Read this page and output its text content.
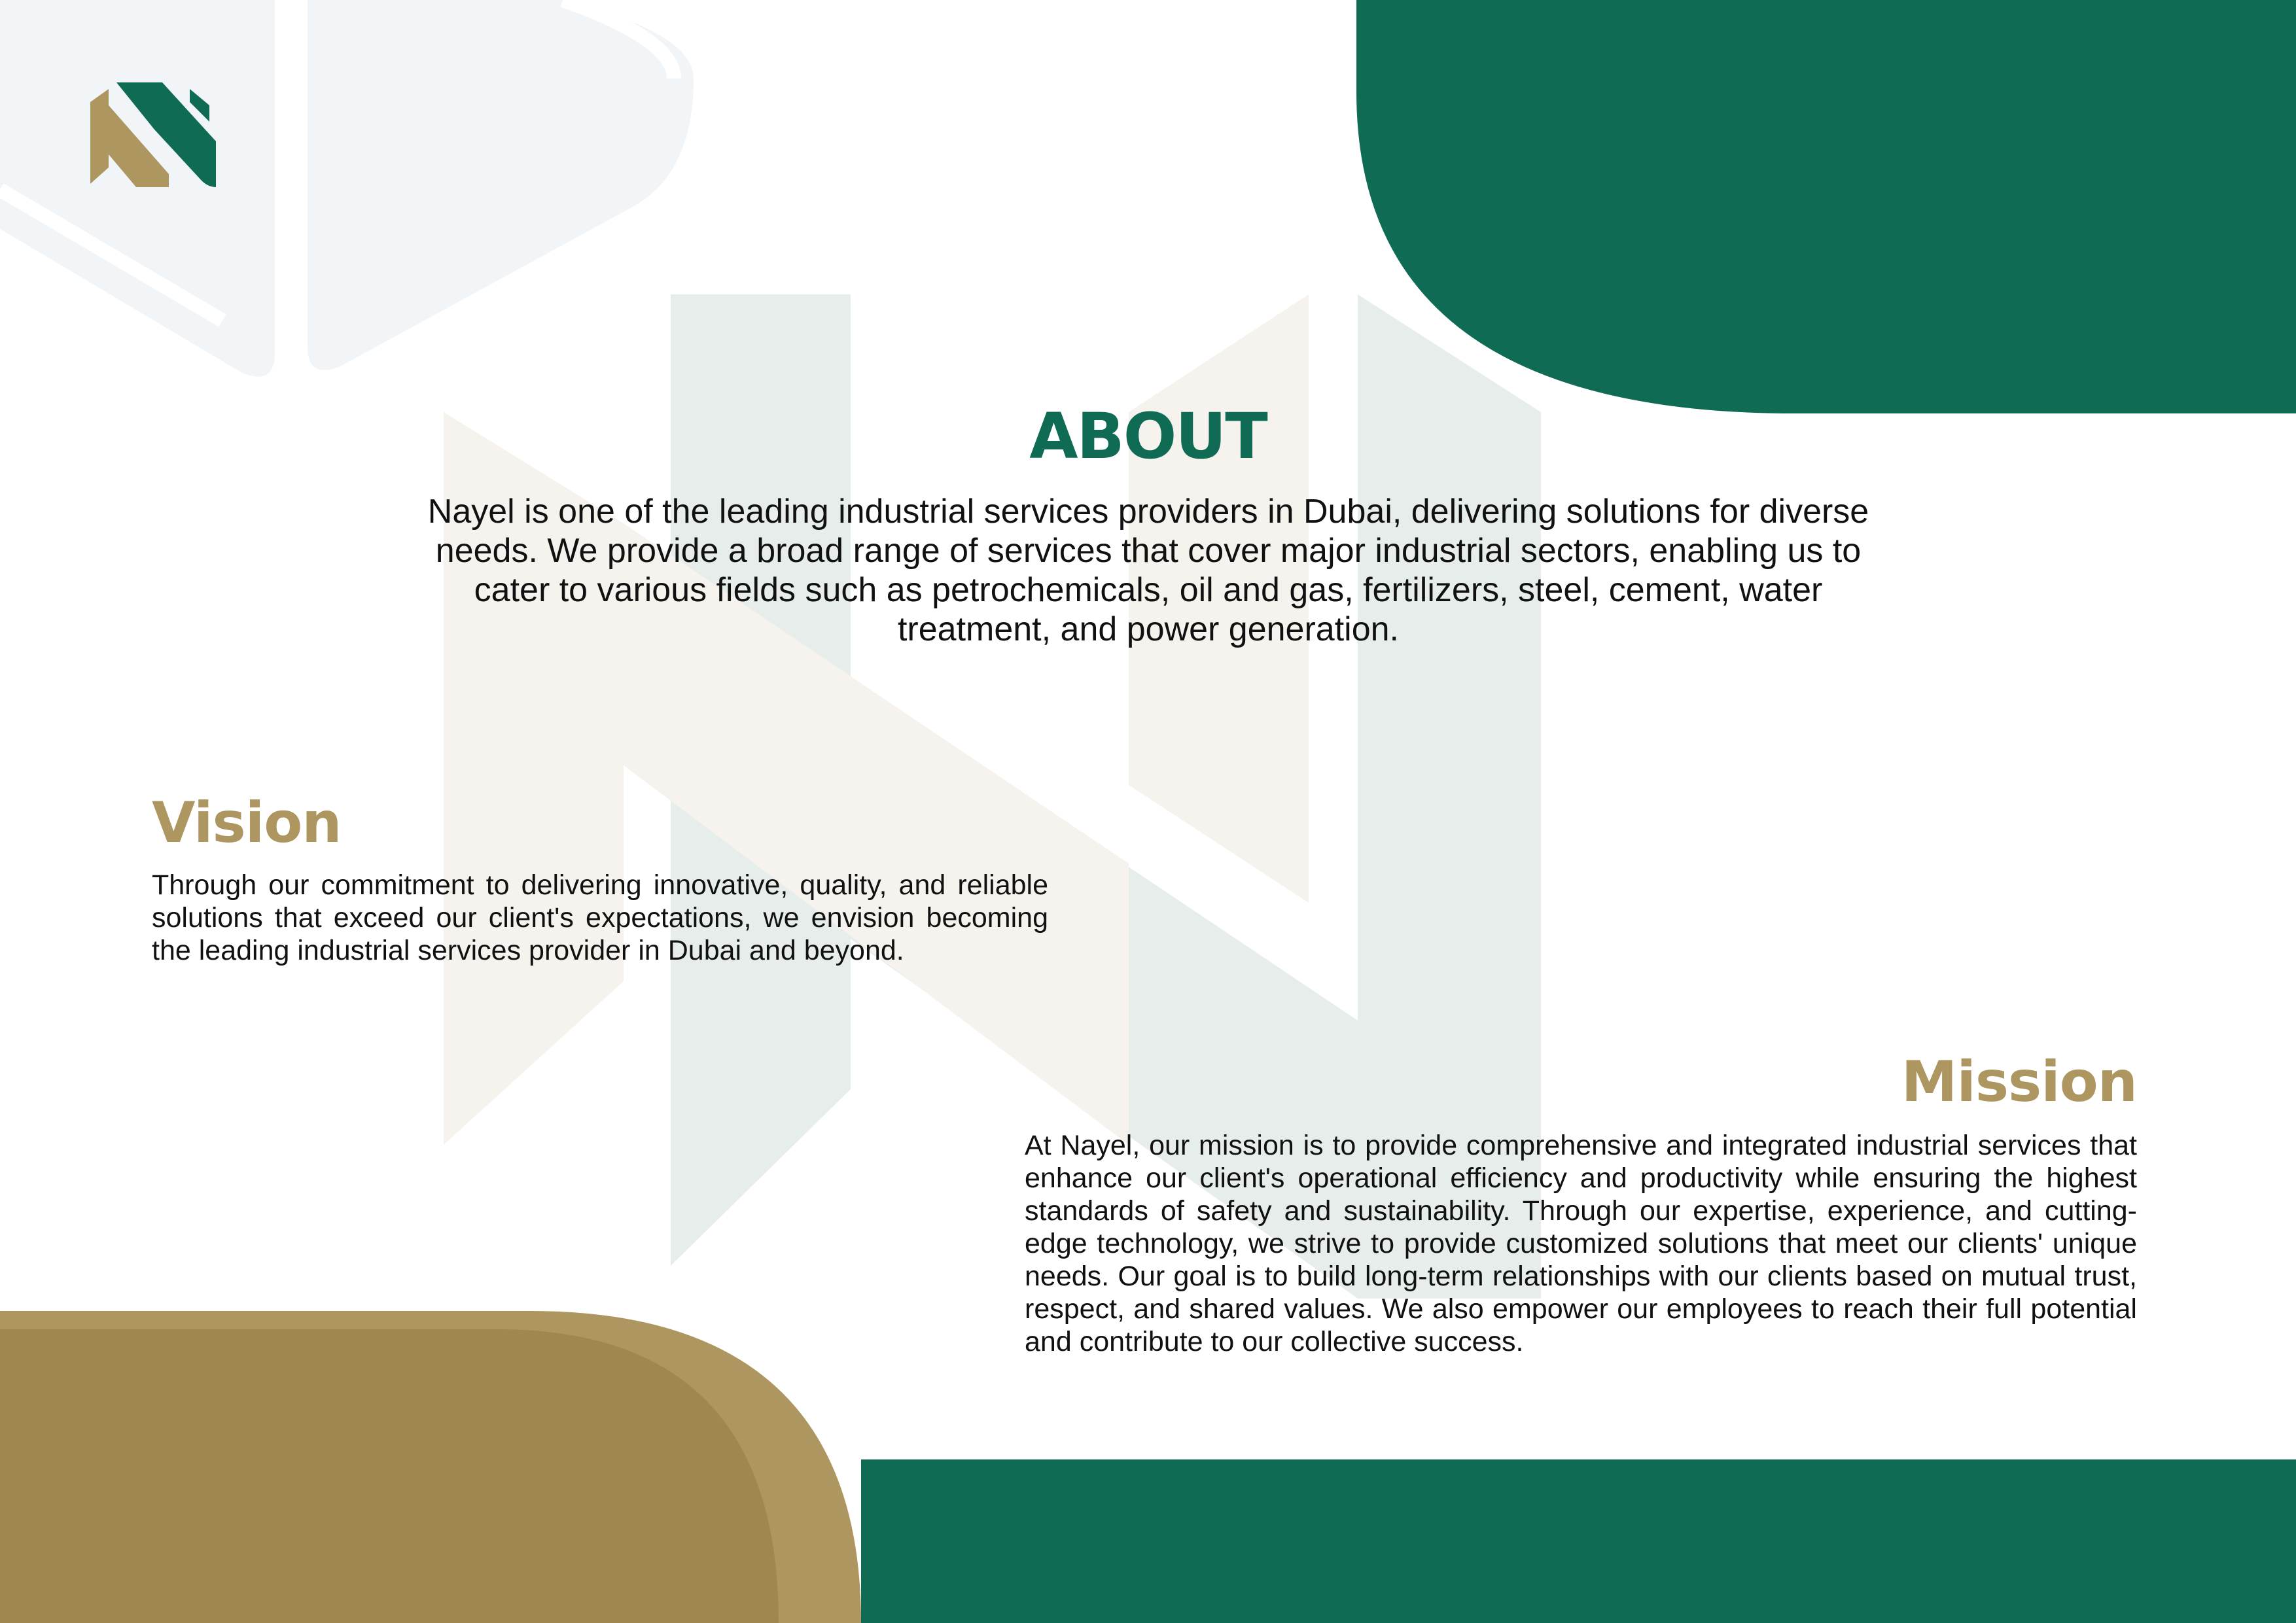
ABOUT
Nayel is one of the leading industrial services providers in Dubai, delivering solutions for diverse needs. We provide a broad range of services that cover major industrial sectors, enabling us to cater to various fields such as petrochemicals, oil and gas, fertilizers, steel, cement, water treatment, and power generation.
Vision
Through our commitment to delivering innovative, quality, and reliable solutions that exceed our client's expectations, we envision becoming the leading industrial services provider in Dubai and beyond.
Mission
At Nayel, our mission is to provide comprehensive and integrated industrial services that enhance our client's operational efficiency and productivity while ensuring the highest standards of safety and sustainability. Through our expertise, experience, and cutting-edge technology, we strive to provide customized solutions that meet our clients' unique needs. Our goal is to build long-term relationships with our clients based on mutual trust, respect, and shared values. We also empower our employees to reach their full potential and contribute to our collective success.
